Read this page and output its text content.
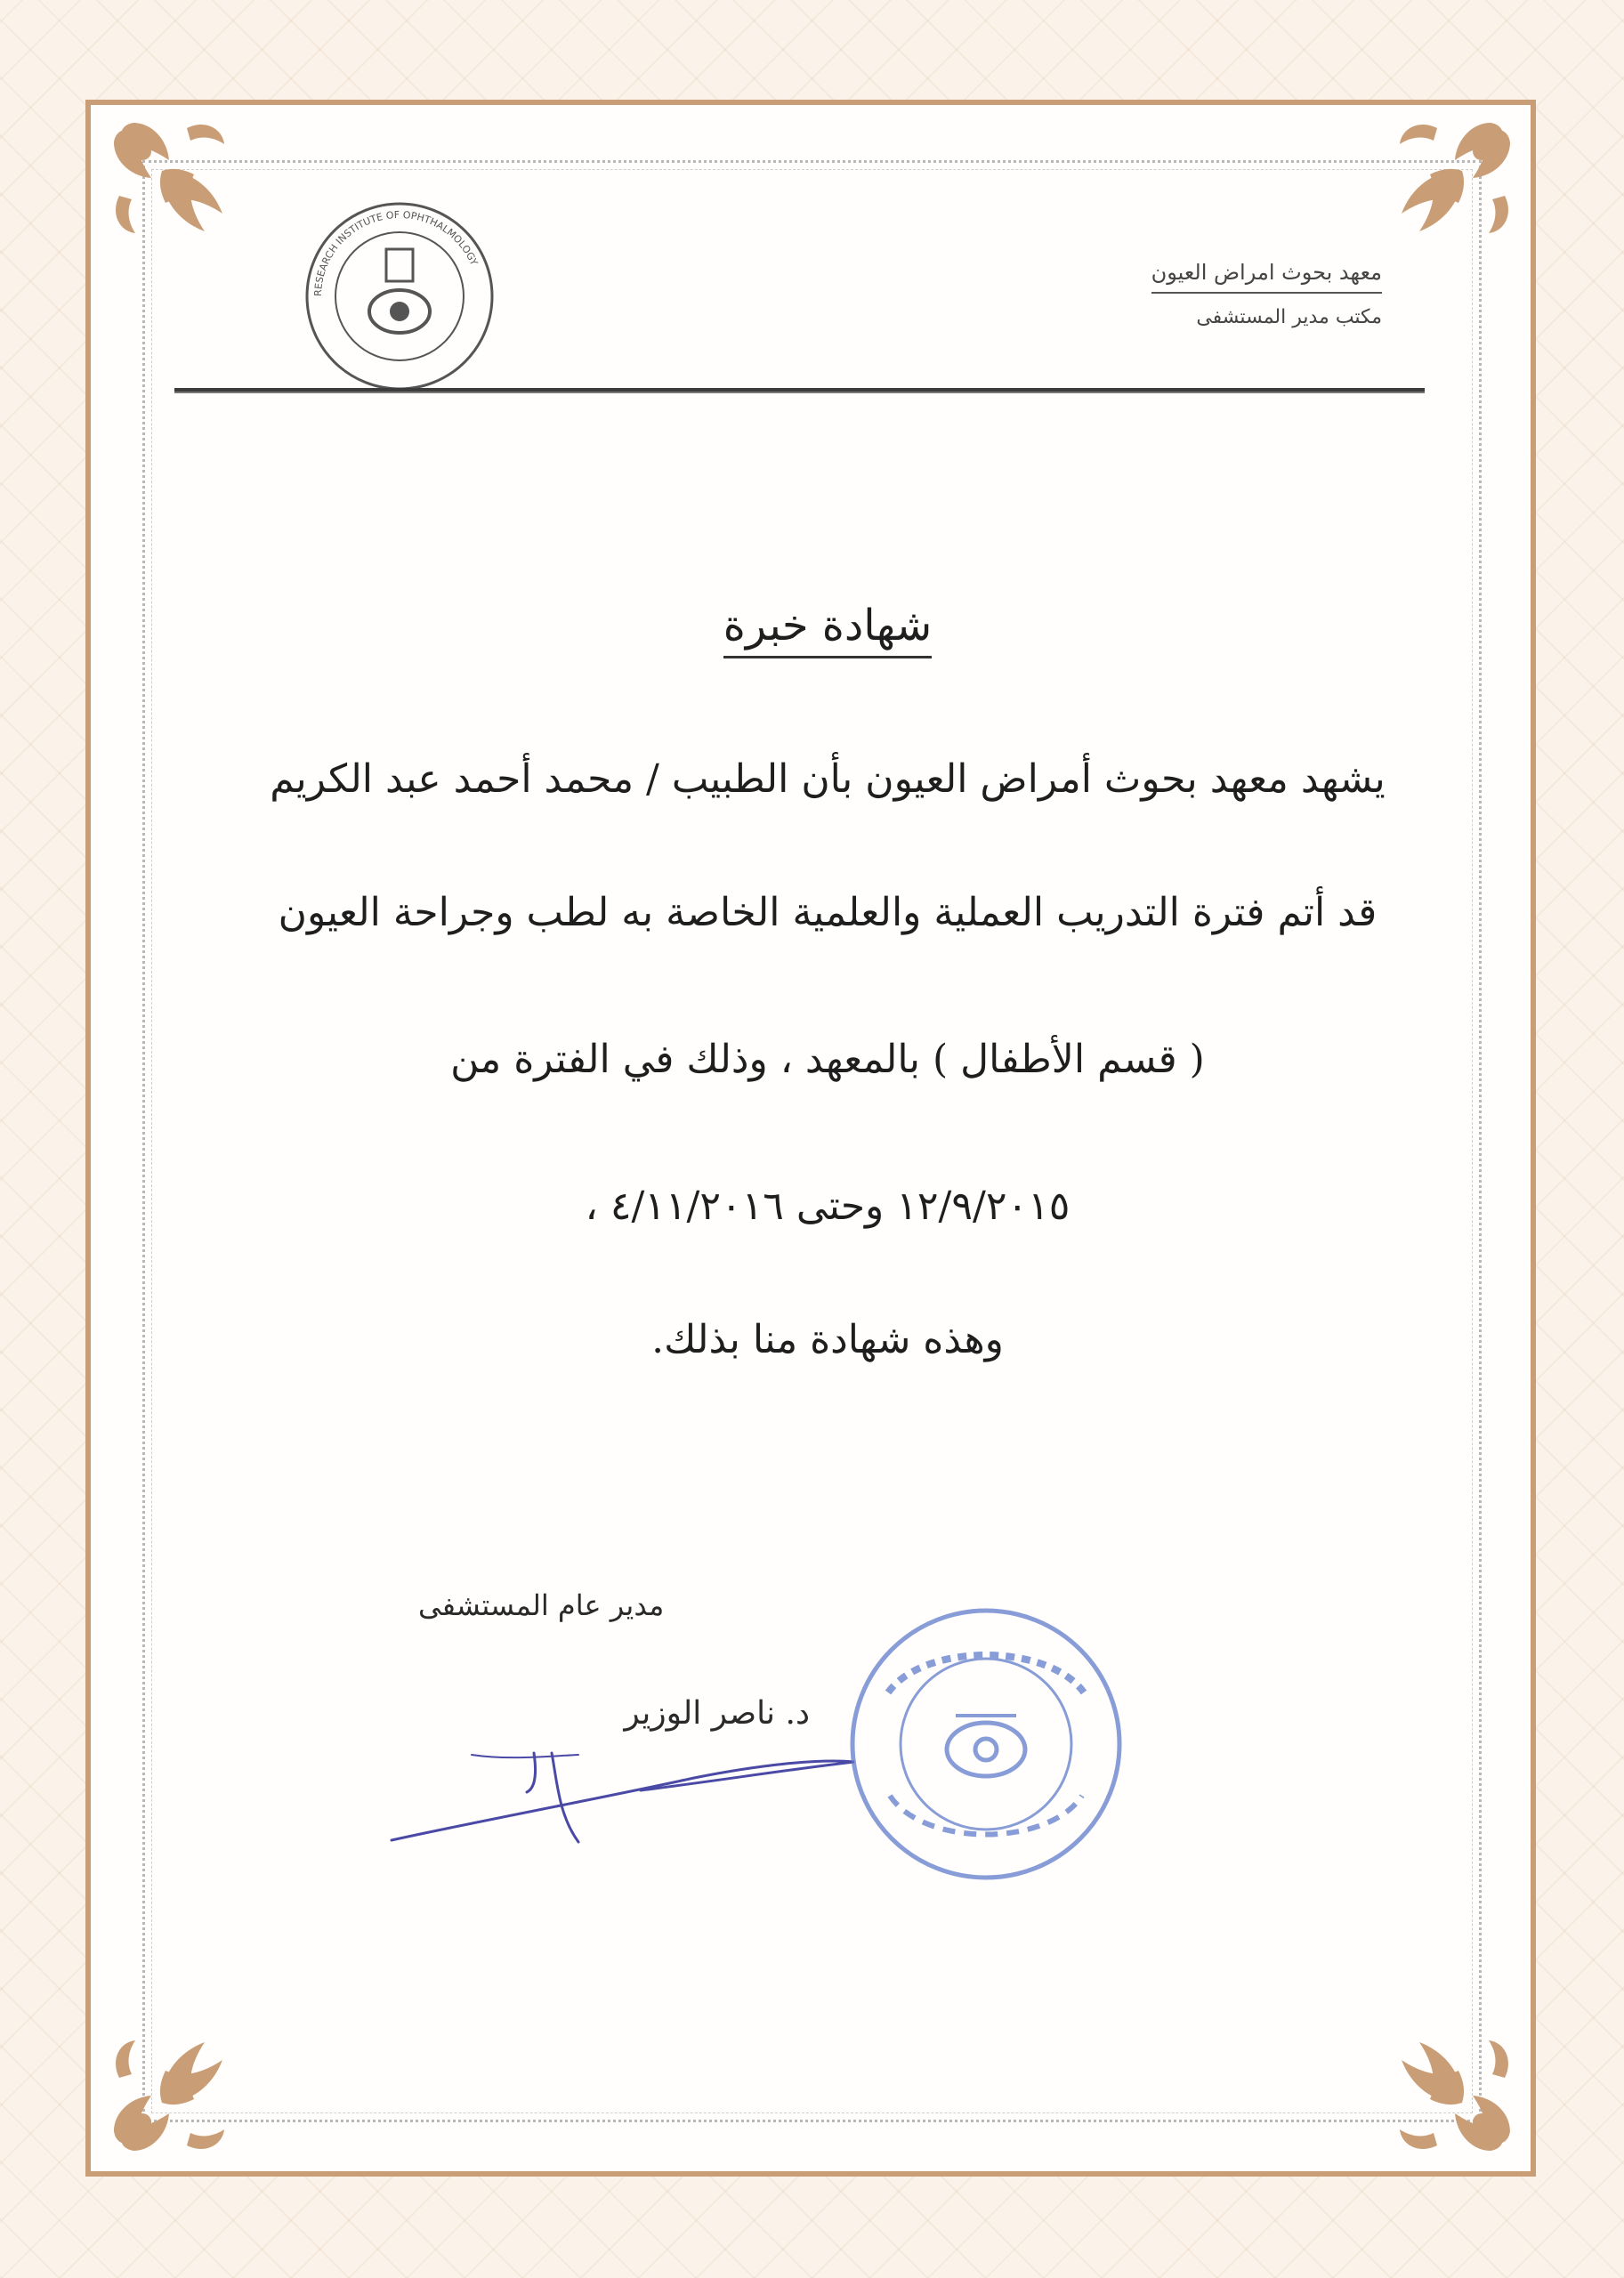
RESEARCH INSTITUTE OF OPHTHALMOLOGY	معهد بحوث امراض العيون
مكتب مدير المستشفى
شهادة خبرة
يشهد معهد بحوث أمراض العيون بأن الطبيب / محمد أحمد عبد الكريم
قد أتم فترة التدريب العملية والعلمية الخاصة به لطب وجراحة العيون
( قسم الأطفال ) بالمعهد ، وذلك في الفترة من
١٢/٩/٢٠١٥ وحتى ٤/١١/٢٠١٦ ،
وهذه شهادة منا بذلك.
مدير عام المستشفى
د. ناصر الوزير
